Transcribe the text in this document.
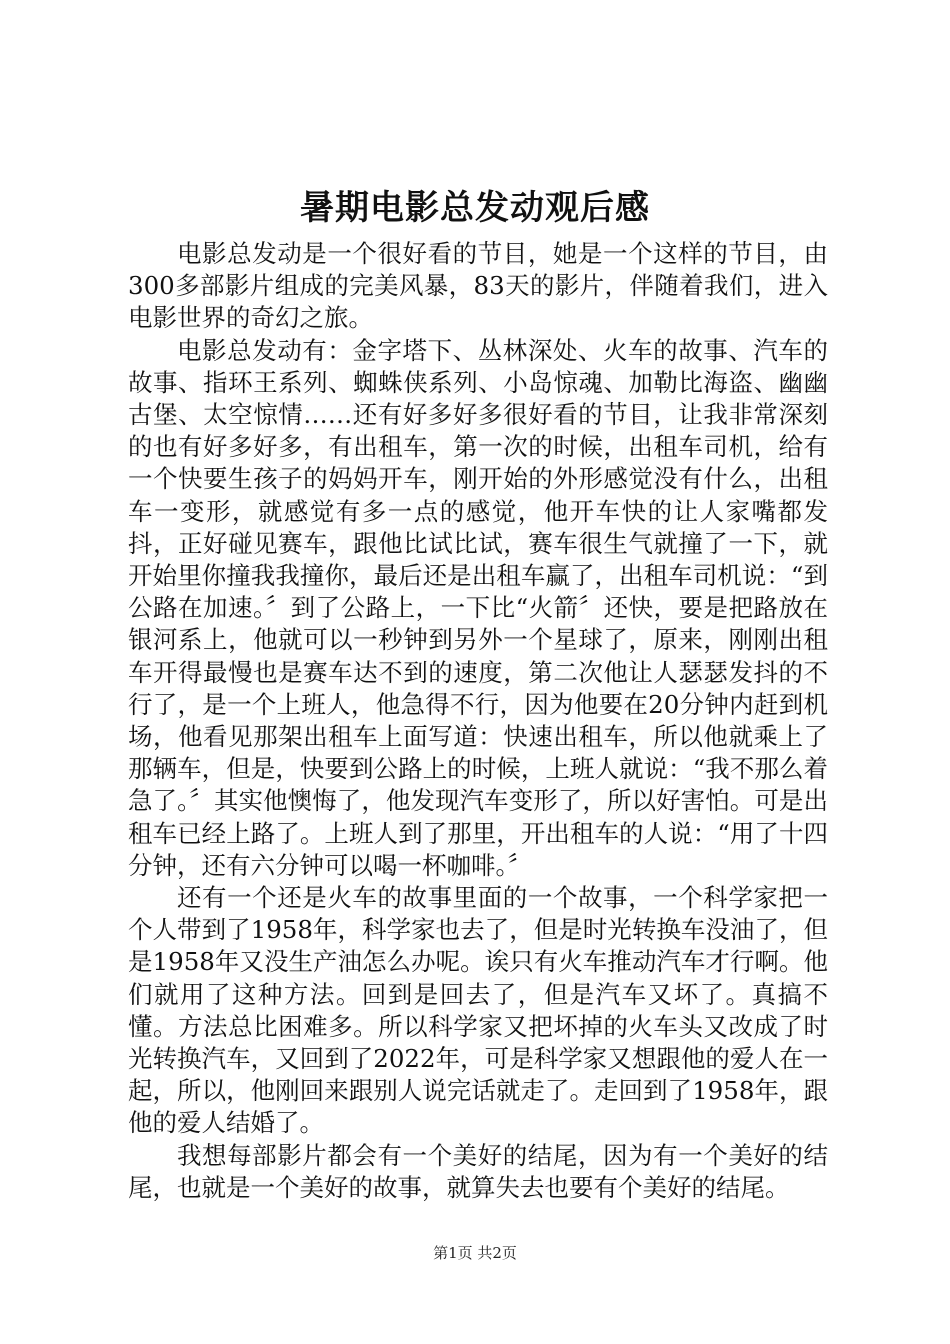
暑期电影总发动观后感

电影总发动是一个很好看的节目，她是一个这样的节目，由300多部影片组成的完美风暴，83天的影片，伴随着我们，进入电影世界的奇幻之旅。

电影总发动有：金字塔下、丛林深处、火车的故事、汽车的故事、指环王系列、蜘蛛侠系列、小岛惊魂、加勒比海盗、幽幽古堡、太空惊情……还有好多好多很好看的节目，让我非常深刻的也有好多好多，有出租车，第一次的时候，出租车司机，给有一个快要生孩子的妈妈开车，刚开始的外形感觉没有什么，出租车一变形，就感觉有多一点的感觉，他开车快的让人家嘴都发抖，正好碰见赛车，跟他比试比试，赛车很生气就撞了一下，就开始里你撞我我撞你，最后还是出租车赢了，出租车司机说：“到公路在加速。〞到了公路上，一下比“火箭〞还快，要是把路放在银河系上，他就可以一秒钟到另外一个星球了，原来，刚刚出租车开得最慢也是赛车达不到的速度，第二次他让人瑟瑟发抖的不行了，是一个上班人，他急得不行，因为他要在20分钟内赶到机场，他看见那架出租车上面写道：快速出租车，所以他就乘上了那辆车，但是，快要到公路上的时候，上班人就说：“我不那么着急了。〞其实他懊悔了，他发现汽车变形了，所以好害怕。可是出租车已经上路了。上班人到了那里，开出租车的人说：“用了十四分钟，还有六分钟可以喝一杯咖啡。〞

还有一个还是火车的故事里面的一个故事，一个科学家把一个人带到了1958年，科学家也去了，但是时光转换车没油了，但是1958年又没生产油怎么办呢。诶只有火车推动汽车才行啊。他们就用了这种方法。回到是回去了，但是汽车又坏了。真搞不懂。方法总比困难多。所以科学家又把坏掉的火车头又改成了时光转换汽车，又回到了2022年，可是科学家又想跟他的爱人在一起，所以，他刚回来跟别人说完话就走了。走回到了1958年，跟他的爱人结婚了。

我想每部影片都会有一个美好的结尾，因为有一个美好的结尾，也就是一个美好的故事，就算失去也要有个美好的结尾。

第1页 共2页
